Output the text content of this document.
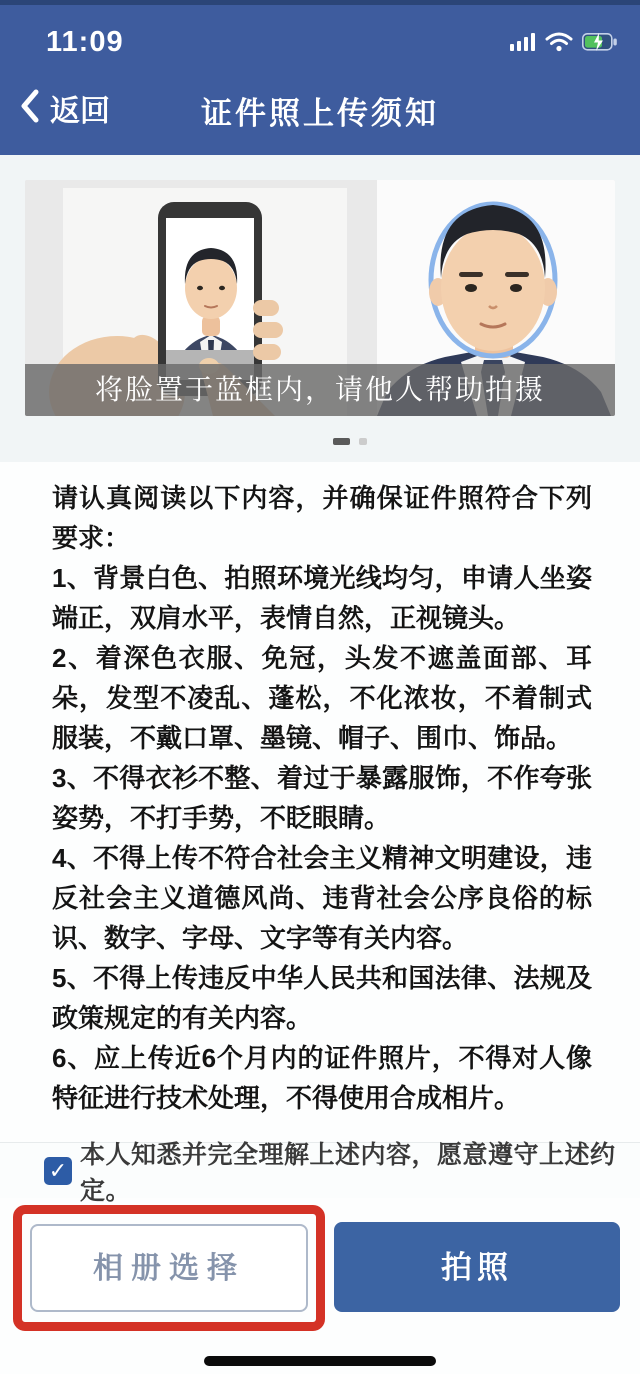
11:09
返回	证件照上传须知
将脸置于蓝框内，请他人帮助拍摄

请认真阅读以下内容，并确保证件照符合下列要求：

1、背景白色、拍照环境光线均匀，申请人坐姿端正，双肩水平，表情自然，正视镜头。

2、着深色衣服、免冠，头发不遮盖面部、耳朵，发型不凌乱、蓬松，不化浓妆，不着制式服装，不戴口罩、墨镜、帽子、围巾、饰品。

3、不得衣衫不整、着过于暴露服饰，不作夸张姿势，不打手势，不眨眼睛。

4、不得上传不符合社会主义精神文明建设，违反社会主义道德风尚、违背社会公序良俗的标识、数字、字母、文字等有关内容。

5、不得上传违反中华人民共和国法律、法规及政策规定的有关内容。

6、应上传近6个月内的证件照片，不得对人像特征进行技术处理，不得使用合成相片。

✓
本人知悉并完全理解上述内容，愿意遵守上述约定。
相册选择	拍照
